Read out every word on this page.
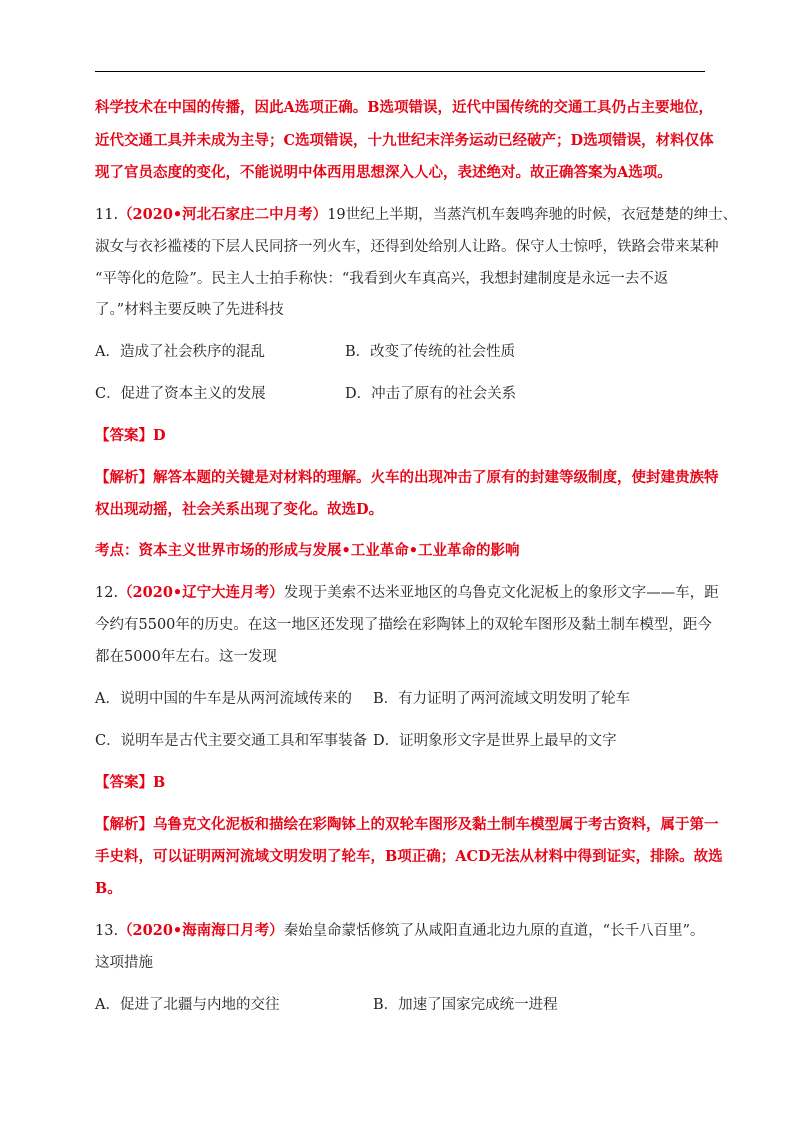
科学技术在中国的传播，因此A选项正确。B选项错误，近代中国传统的交通工具仍占主要地位，
近代交通工具并未成为主导；C选项错误，十九世纪末洋务运动已经破产；D选项错误，材料仅体
现了官员态度的变化，不能说明中体西用思想深入人心，表述绝对。故正确答案为A选项。
11.（2020•河北石家庄二中月考）19世纪上半期，当蒸汽机车轰鸣奔驰的时候，衣冠楚楚的绅士、
淑女与衣衫褴褛的下层人民同挤一列火车，还得到处给别人让路。保守人士惊呼，铁路会带来某种
“平等化的危险”。民主人士拍手称快：“我看到火车真高兴，我想封建制度是永远一去不返
了。”材料主要反映了先进科技
A．造成了社会秩序的混乱	B．改变了传统的社会性质
C．促进了资本主义的发展	D．冲击了原有的社会关系
【答案】D
【解析】解答本题的关键是对材料的理解。火车的出现冲击了原有的封建等级制度，使封建贵族特
权出现动摇，社会关系出现了变化。故选D。
考点：资本主义世界市场的形成与发展•工业革命•工业革命的影响
12.（2020•辽宁大连月考）发现于美索不达米亚地区的乌鲁克文化泥板上的象形文字——车，距
今约有5500年的历史。在这一地区还发现了描绘在彩陶钵上的双轮车图形及黏土制车模型，距今
都在5000年左右。这一发现
A．说明中国的牛车是从两河流域传来的 B．有力证明了两河流域文明发明了轮车
C．说明车是古代主要交通工具和军事装备 D．证明象形文字是世界上最早的文字
【答案】B
【解析】乌鲁克文化泥板和描绘在彩陶钵上的双轮车图形及黏土制车模型属于考古资料，属于第一
手史料，可以证明两河流域文明发明了轮车，B项正确；ACD无法从材料中得到证实，排除。故选
B。
13.（2020•海南海口月考）秦始皇命蒙恬修筑了从咸阳直通北边九原的直道，“长千八百里”。
这项措施
A．促进了北疆与内地的交往	B．加速了国家完成统一进程
